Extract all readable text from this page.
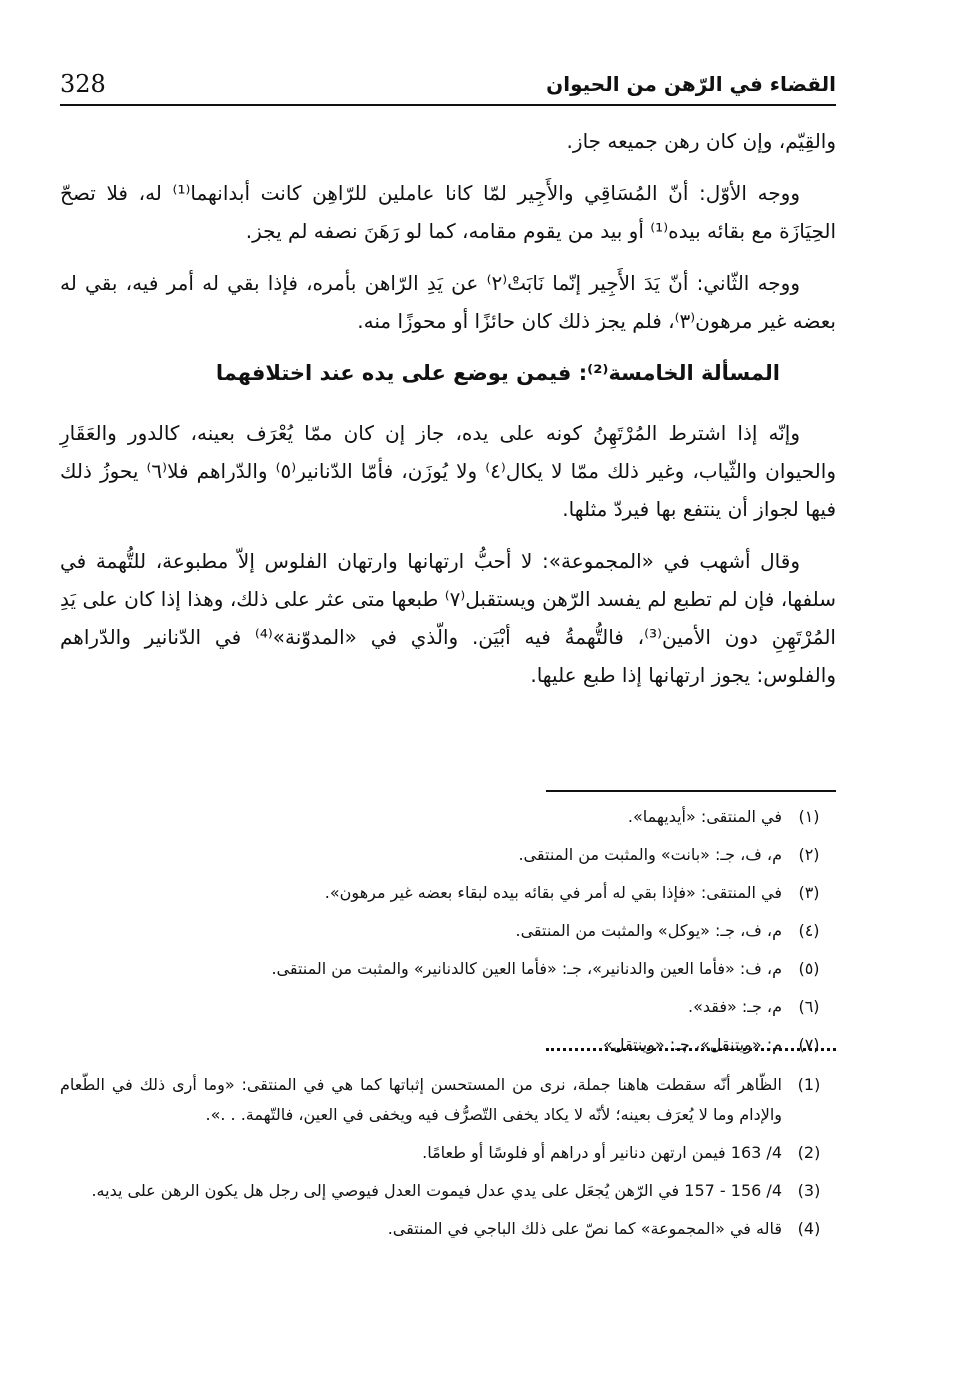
328	القضاء في الرّهن من الحيوان

والقِيّم، وإن كان رهن جميعه جاز.

ووجه الأوّل: أنّ المُسَاقِي والأَجِير لمّا كانا عاملين للرّاهِن كانت أبدانهما⁽¹⁾ له، فلا تصحّ الحِيَازَة مع بقائه بيده⁽¹⁾ أو بيد من يقوم مقامه، كما لو رَهَنَ نصفه لم يجز.

ووجه الثّاني: أنّ يَدَ الأَجِير إنّما نَابَتْ⁽٢⁾ عن يَدِ الرّاهن بأمره، فإذا بقي له أمر فيه، بقي له بعضه غير مرهون⁽٣⁾، فلم يجز ذلك كان حائزًا أو محوزًا منه.

المسألة الخامسة⁽²⁾: فيمن يوضع على يده عند اختلافهما

وإنّه إذا اشترط المُرْتَهِنُ كونه على يده، جاز إن كان ممّا يُعْرَف بعينه، كالدور والعَقَارِ والحيوان والثّياب، وغير ذلك ممّا لا يكال⁽٤⁾ ولا يُوزَن، فأمّا الدّنانير⁽٥⁾ والدّراهم فلا⁽٦⁾ يحوزُ ذلك فيها لجواز أن ينتفع بها فيردّ مثلها.

وقال أشهب في «المجموعة»: لا أحبُّ ارتهانها وارتهان الفلوس إلاّ مطبوعة، للتُّهمة في سلفها، فإن لم تطبع لم يفسد الرّهن ويستقبل⁽٧⁾ طبعها متى عثر على ذلك، وهذا إذا كان على يَدِ المُرْتَهِنِ دون الأمين⁽³⁾، فالتُّهمةُ فيه أبْيَن. والّذي في «المدوّنة»⁽⁴⁾ في الدّنانير والدّراهم والفلوس: يجوز ارتهانها إذا طبع عليها.

(١)
في المنتقى: «أيديهما».
(٢)
م، ف، جـ: «بانت» والمثبت من المنتقى.
(٣)
في المنتقى: «فإذا بقي له أمر في بقائه بيده لبقاء بعضه غير مرهون».
(٤)
م، ف، جـ: «يوكل» والمثبت من المنتقى.
(٥)
م، ف: «فأما العين والدنانير»، جـ: «فأما العين كالدنانير» والمثبت من المنتقى.
(٦)
م، جـ: «فقد».
(٧)
م: «ويتنقل»، جـ: «وينتقل».
(1)
الظّاهر أنّه سقطت هاهنا جملة، نرى من المستحسن إثباتها كما هي في المنتقى: «وما أرى ذلك في الطّعام والإدام وما لا يُعرَف بعينه؛ لأنّه لا يكاد يخفى التّصرُّف فيه ويخفى في العين، فالتّهمة. . .».
(2)
4/ 163 فيمن ارتهن دنانير أو دراهم أو فلوسًا أو طعامًا.
(3)
4/ 156 - 157 في الرّهن يُجعَل على يدي عدل فيموت العدل فيوصي إلى رجل هل يكون الرهن على يديه.
(4)
قاله في «المجموعة» كما نصّ على ذلك الباجي في المنتقى.
